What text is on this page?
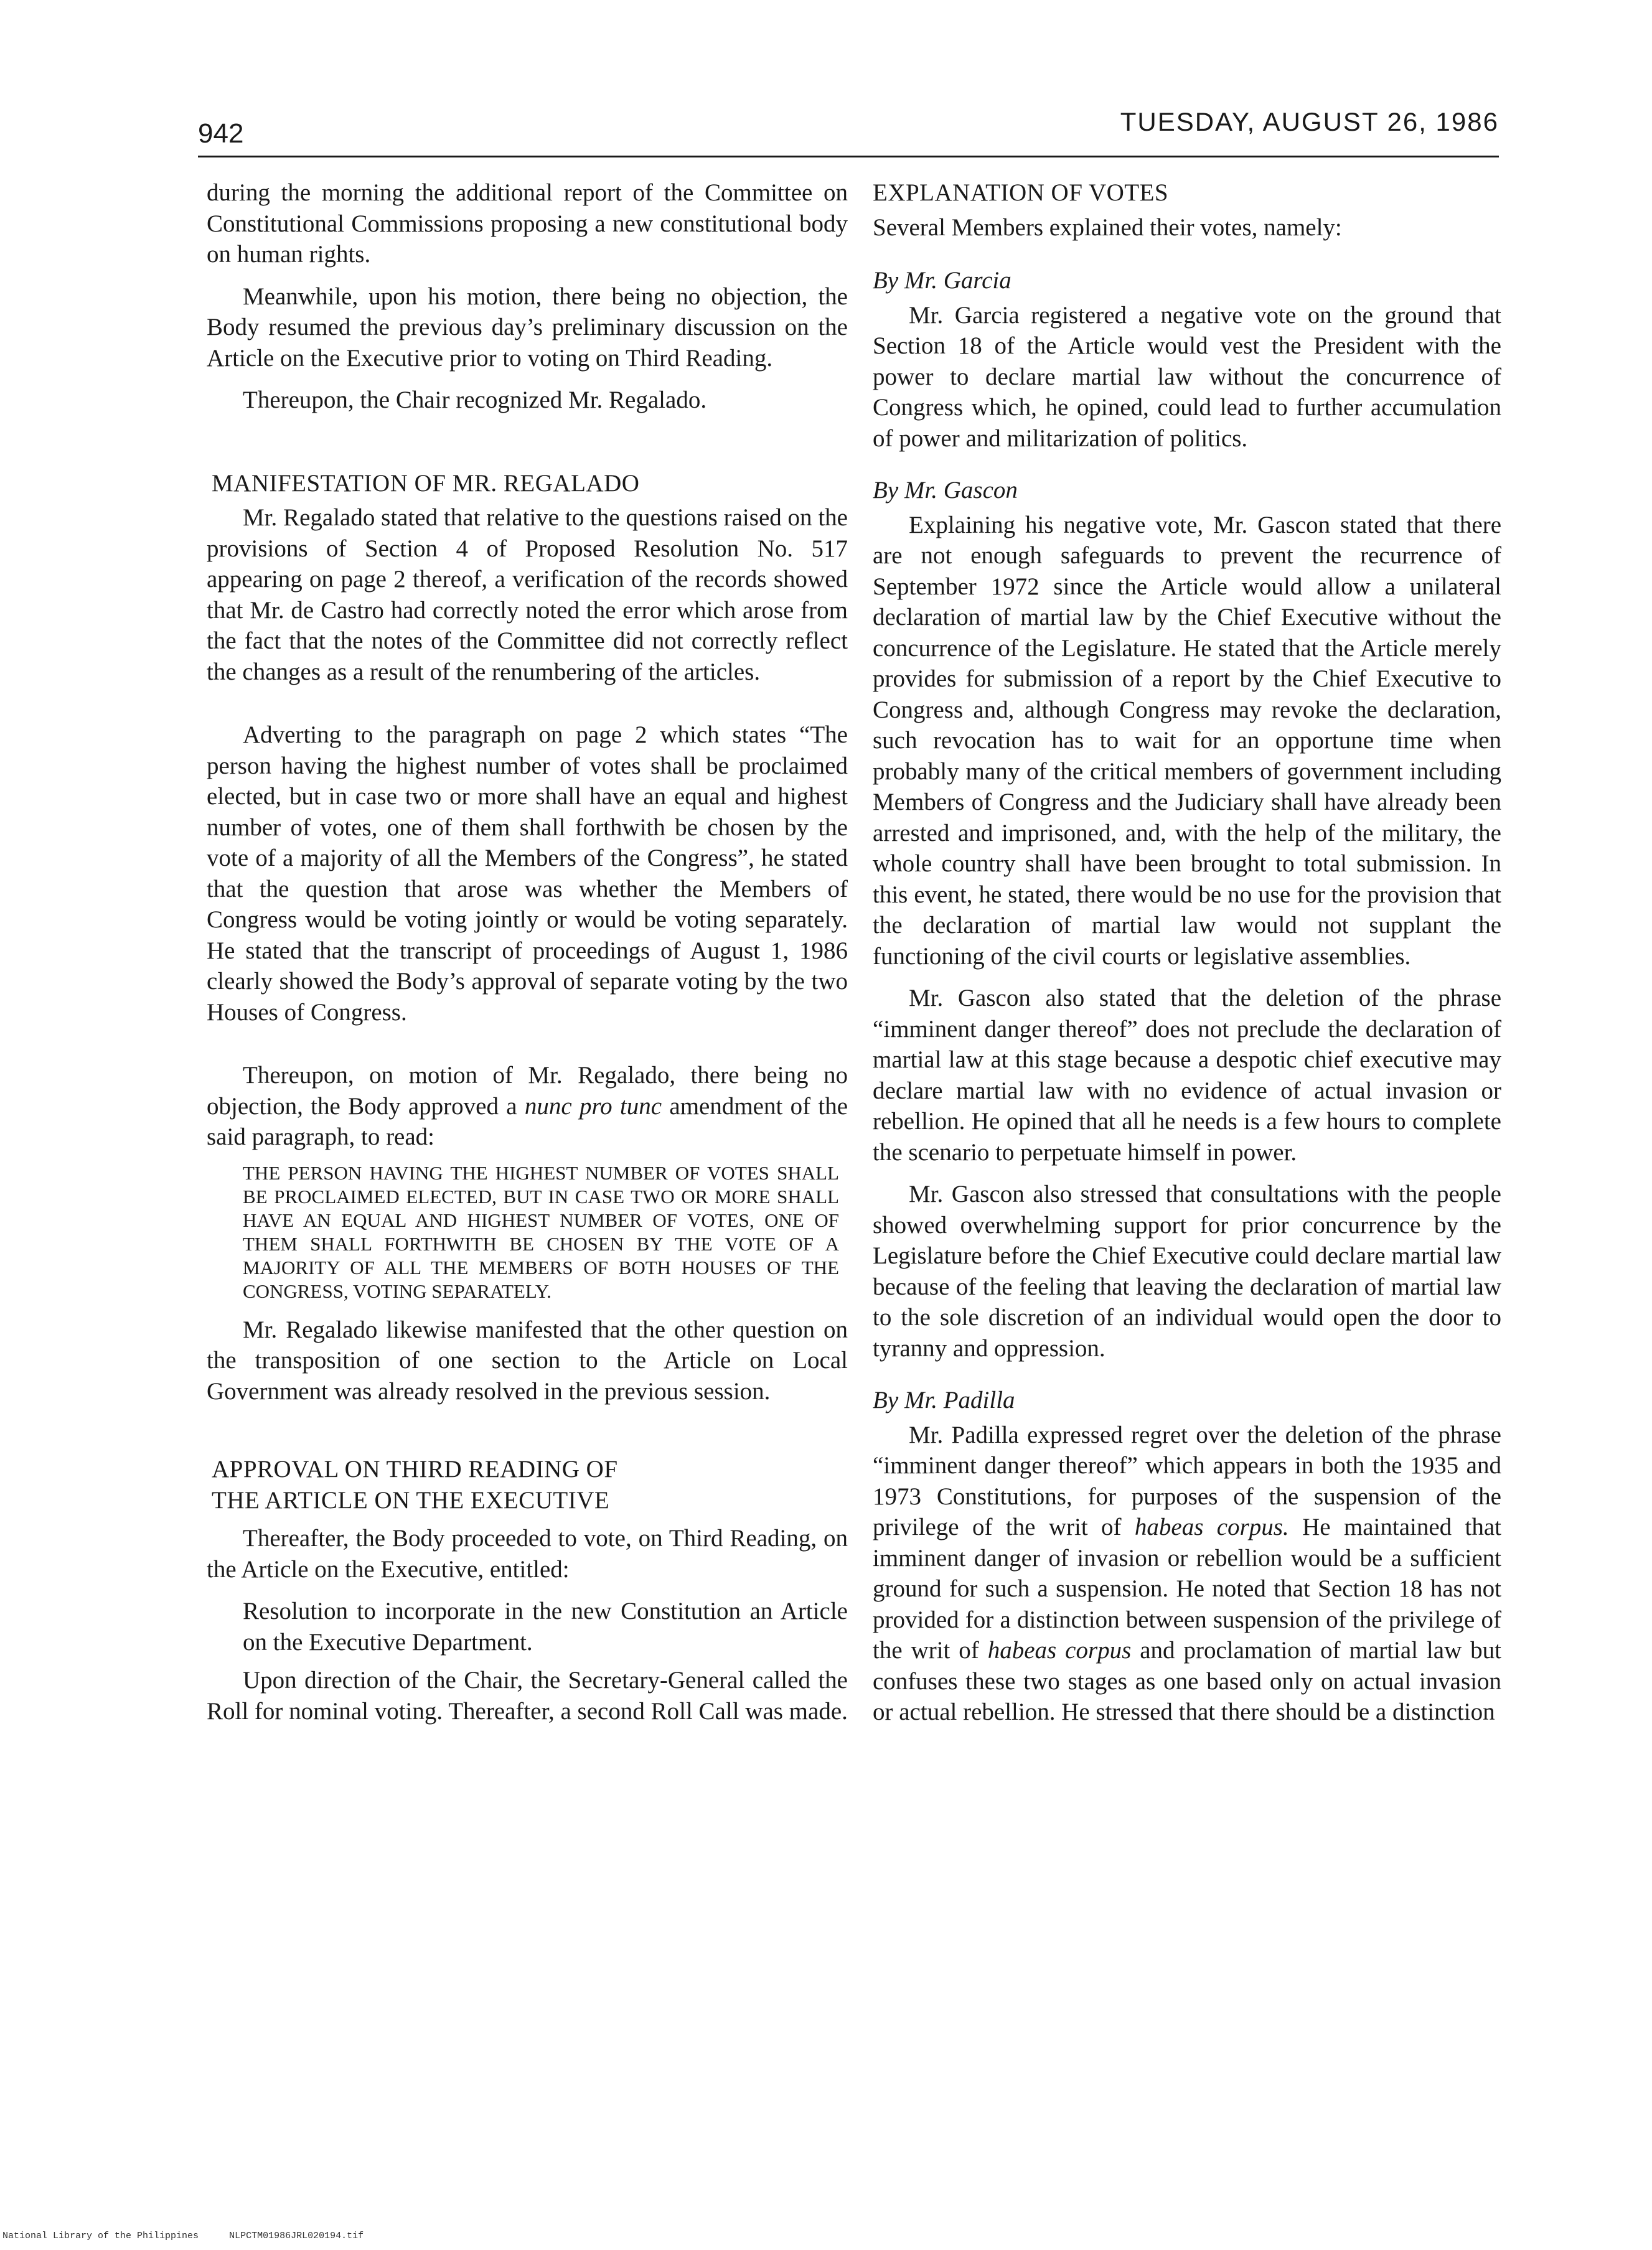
942	TUESDAY, AUGUST 26, 1986

during the morning the additional report of the Committee on Constitutional Commissions proposing a new constitutional body on human rights.

Meanwhile, upon his motion, there being no objection, the Body resumed the previous day’s preliminary discussion on the Article on the Executive prior to voting on Third Reading.

Thereupon, the Chair recognized Mr. Regalado.

MANIFESTATION OF MR. REGALADO

Mr. Regalado stated that relative to the questions raised on the provisions of Section 4 of Proposed Resolution No. 517 appearing on page 2 thereof, a verification of the records showed that Mr. de Castro had correctly noted the error which arose from the fact that the notes of the Committee did not correctly reflect the changes as a result of the renumbering of the articles.

Adverting to the paragraph on page 2 which states “The person having the highest number of votes shall be proclaimed elected, but in case two or more shall have an equal and highest number of votes, one of them shall forthwith be chosen by the vote of a majority of all the Members of the Congress”, he stated that the question that arose was whether the Members of Congress would be voting jointly or would be voting separately. He stated that the transcript of proceedings of August 1, 1986 clearly showed the Body’s approval of separate voting by the two Houses of Congress.

Thereupon, on motion of Mr. Regalado, there being no objection, the Body approved a nunc pro tunc amendment of the said paragraph, to read:

THE PERSON HAVING THE HIGHEST NUMBER OF VOTES SHALL BE PROCLAIMED ELECTED, BUT IN CASE TWO OR MORE SHALL HAVE AN EQUAL AND HIGHEST NUMBER OF VOTES, ONE OF THEM SHALL FORTHWITH BE CHOSEN BY THE VOTE OF A MAJORITY OF ALL THE MEMBERS OF BOTH HOUSES OF THE CONGRESS, VOTING SEPARATELY.

Mr. Regalado likewise manifested that the other question on the transposition of one section to the Article on Local Government was already resolved in the previous session.

APPROVAL ON THIRD READING OF
THE ARTICLE ON THE EXECUTIVE

Thereafter, the Body proceeded to vote, on Third Reading, on the Article on the Executive, entitled:

Resolution to incorporate in the new Constitution an Article on the Executive Department.

Upon direction of the Chair, the Secretary-General called the Roll for nominal voting. Thereafter, a second Roll Call was made.

EXPLANATION OF VOTES

Several Members explained their votes, namely:

By Mr. Garcia

Mr. Garcia registered a negative vote on the ground that Section 18 of the Article would vest the President with the power to declare martial law without the concurrence of Congress which, he opined, could lead to further accumulation of power and militarization of politics.

By Mr. Gascon

Explaining his negative vote, Mr. Gascon stated that there are not enough safeguards to prevent the recurrence of September 1972 since the Article would allow a unilateral declaration of martial law by the Chief Executive without the concurrence of the Legislature. He stated that the Article merely provides for submission of a report by the Chief Executive to Congress and, although Congress may revoke the declaration, such revocation has to wait for an opportune time when probably many of the critical members of government including Members of Congress and the Judiciary shall have already been arrested and imprisoned, and, with the help of the military, the whole country shall have been brought to total submission. In this event, he stated, there would be no use for the provision that the declaration of martial law would not supplant the functioning of the civil courts or legislative assemblies.

Mr. Gascon also stated that the deletion of the phrase “imminent danger thereof” does not preclude the declaration of martial law at this stage because a despotic chief executive may declare martial law with no evidence of actual invasion or rebellion. He opined that all he needs is a few hours to complete the scenario to perpetuate himself in power.

Mr. Gascon also stressed that consultations with the people showed overwhelming support for prior concurrence by the Legislature before the Chief Executive could declare martial law because of the feeling that leaving the declaration of martial law to the sole discretion of an individual would open the door to tyranny and oppression.

By Mr. Padilla

Mr. Padilla expressed regret over the deletion of the phrase “imminent danger thereof” which appears in both the 1935 and 1973 Constitutions, for purposes of the suspension of the privilege of the writ of habeas corpus. He maintained that imminent danger of invasion or rebellion would be a sufficient ground for such a suspension. He noted that Section 18 has not provided for a distinction between suspension of the privilege of the writ of habeas corpus and proclamation of martial law but confuses these two stages as one based only on actual invasion or actual rebellion. He stressed that there should be a distinction

National Library of the Philippines	NLPCTM01986JRL020194.tif
